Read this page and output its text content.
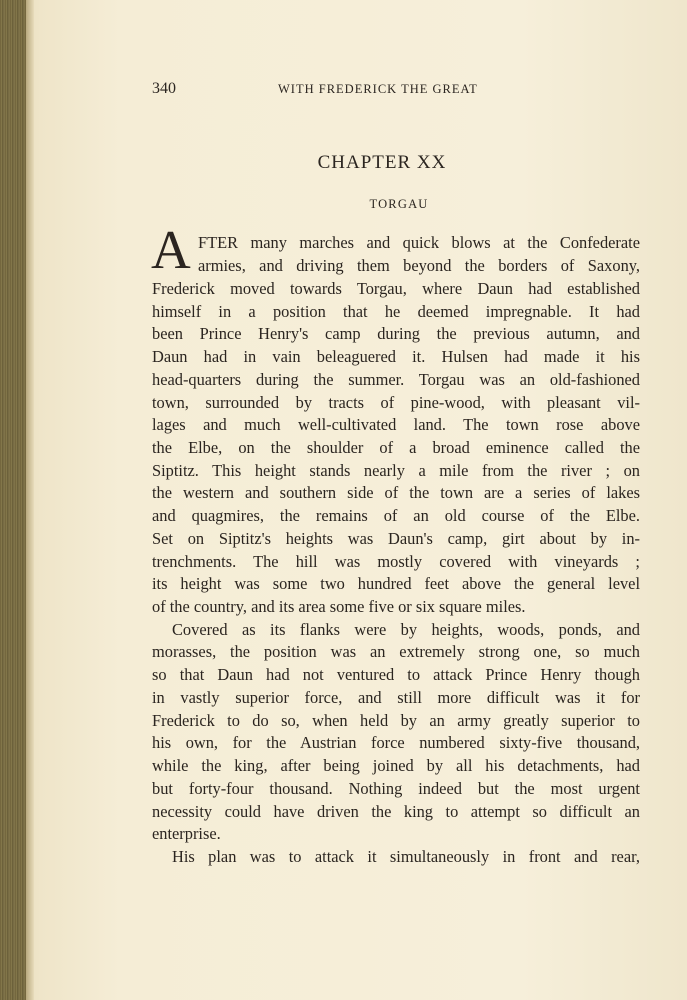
340	WITH FREDERICK THE GREAT
CHAPTER XX
TORGAU
A FTER many marches and quick blows at the Confederate
armies, and driving them beyond the borders of Saxony,
Frederick moved towards Torgau, where Daun had established
himself in a position that he deemed impregnable. It had
been Prince Henry's camp during the previous autumn, and
Daun had in vain beleaguered it. Hulsen had made it his
head-quarters during the summer. Torgau was an old-fashioned
town, surrounded by tracts of pine-wood, with pleasant vil-
lages and much well-cultivated land. The town rose above
the Elbe, on the shoulder of a broad eminence called the
Siptitz. This height stands nearly a mile from the river ; on
the western and southern side of the town are a series of lakes
and quagmires, the remains of an old course of the Elbe.
Set on Siptitz's heights was Daun's camp, girt about by in-
trenchments. The hill was mostly covered with vineyards ;
its height was some two hundred feet above the general level
of the country, and its area some five or six square miles.
Covered as its flanks were by heights, woods, ponds, and
morasses, the position was an extremely strong one, so much
so that Daun had not ventured to attack Prince Henry though
in vastly superior force, and still more difficult was it for
Frederick to do so, when held by an army greatly superior to
his own, for the Austrian force numbered sixty-five thousand,
while the king, after being joined by all his detachments, had
but forty-four thousand. Nothing indeed but the most urgent
necessity could have driven the king to attempt so difficult an
enterprise.
His plan was to attack it simultaneously in front and rear,
